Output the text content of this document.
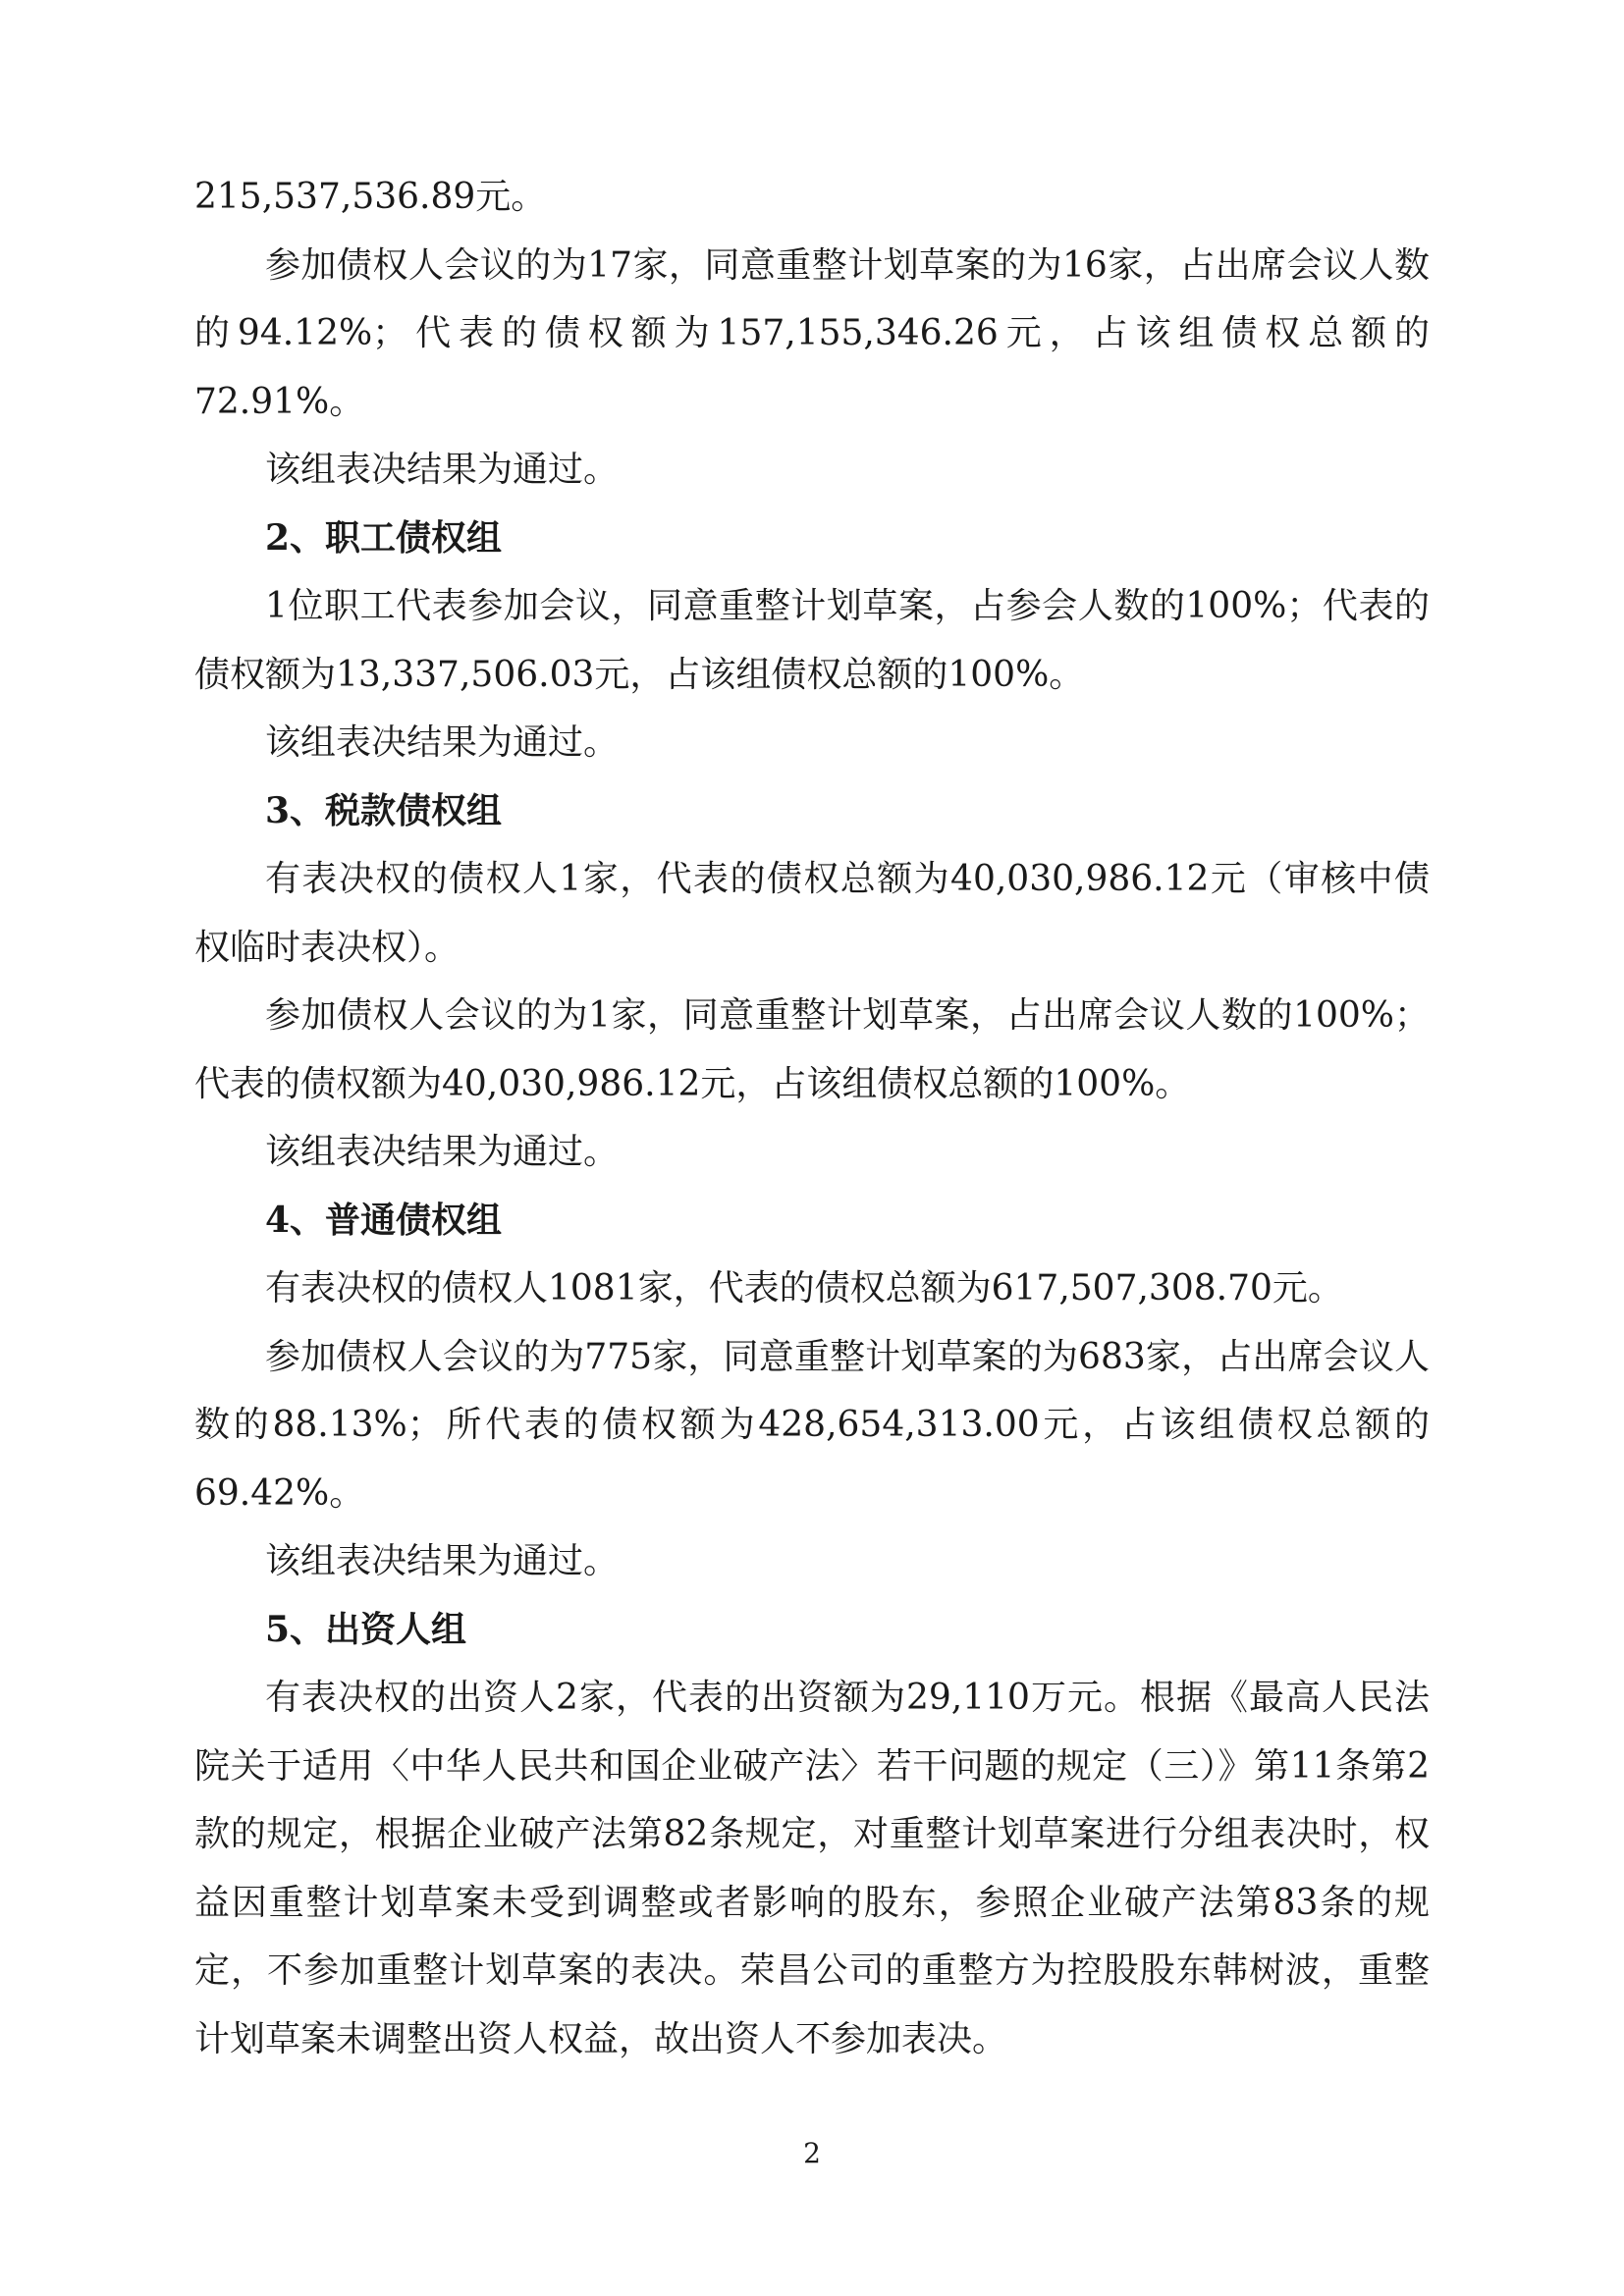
215,537,536.89元。

参加债权人会议的为17家，同意重整计划草案的为16家，占出席会议人数的94.12%；代表的债权额为157,155,346.26元，占该组债权总额的72.91%。

该组表决结果为通过。

2、职工债权组

1位职工代表参加会议，同意重整计划草案，占参会人数的100%；代表的债权额为13,337,506.03元，占该组债权总额的100%。

该组表决结果为通过。

3、税款债权组

有表决权的债权人1家，代表的债权总额为40,030,986.12元（审核中债权临时表决权）。

参加债权人会议的为1家，同意重整计划草案，占出席会议人数的100%；代表的债权额为40,030,986.12元，占该组债权总额的100%。

该组表决结果为通过。

4、普通债权组

有表决权的债权人1081家，代表的债权总额为617,507,308.70元。

参加债权人会议的为775家，同意重整计划草案的为683家，占出席会议人数的88.13%；所代表的债权额为428,654,313.00元，占该组债权总额的69.42%。

该组表决结果为通过。

5、出资人组

有表决权的出资人2家，代表的出资额为29,110万元。根据《最高人民法院关于适用〈中华人民共和国企业破产法〉若干问题的规定（三）》第11条第2款的规定，根据企业破产法第82条规定，对重整计划草案进行分组表决时，权益因重整计划草案未受到调整或者影响的股东，参照企业破产法第83条的规定，不参加重整计划草案的表决。荣昌公司的重整方为控股股东韩树波，重整计划草案未调整出资人权益，故出资人不参加表决。

2
